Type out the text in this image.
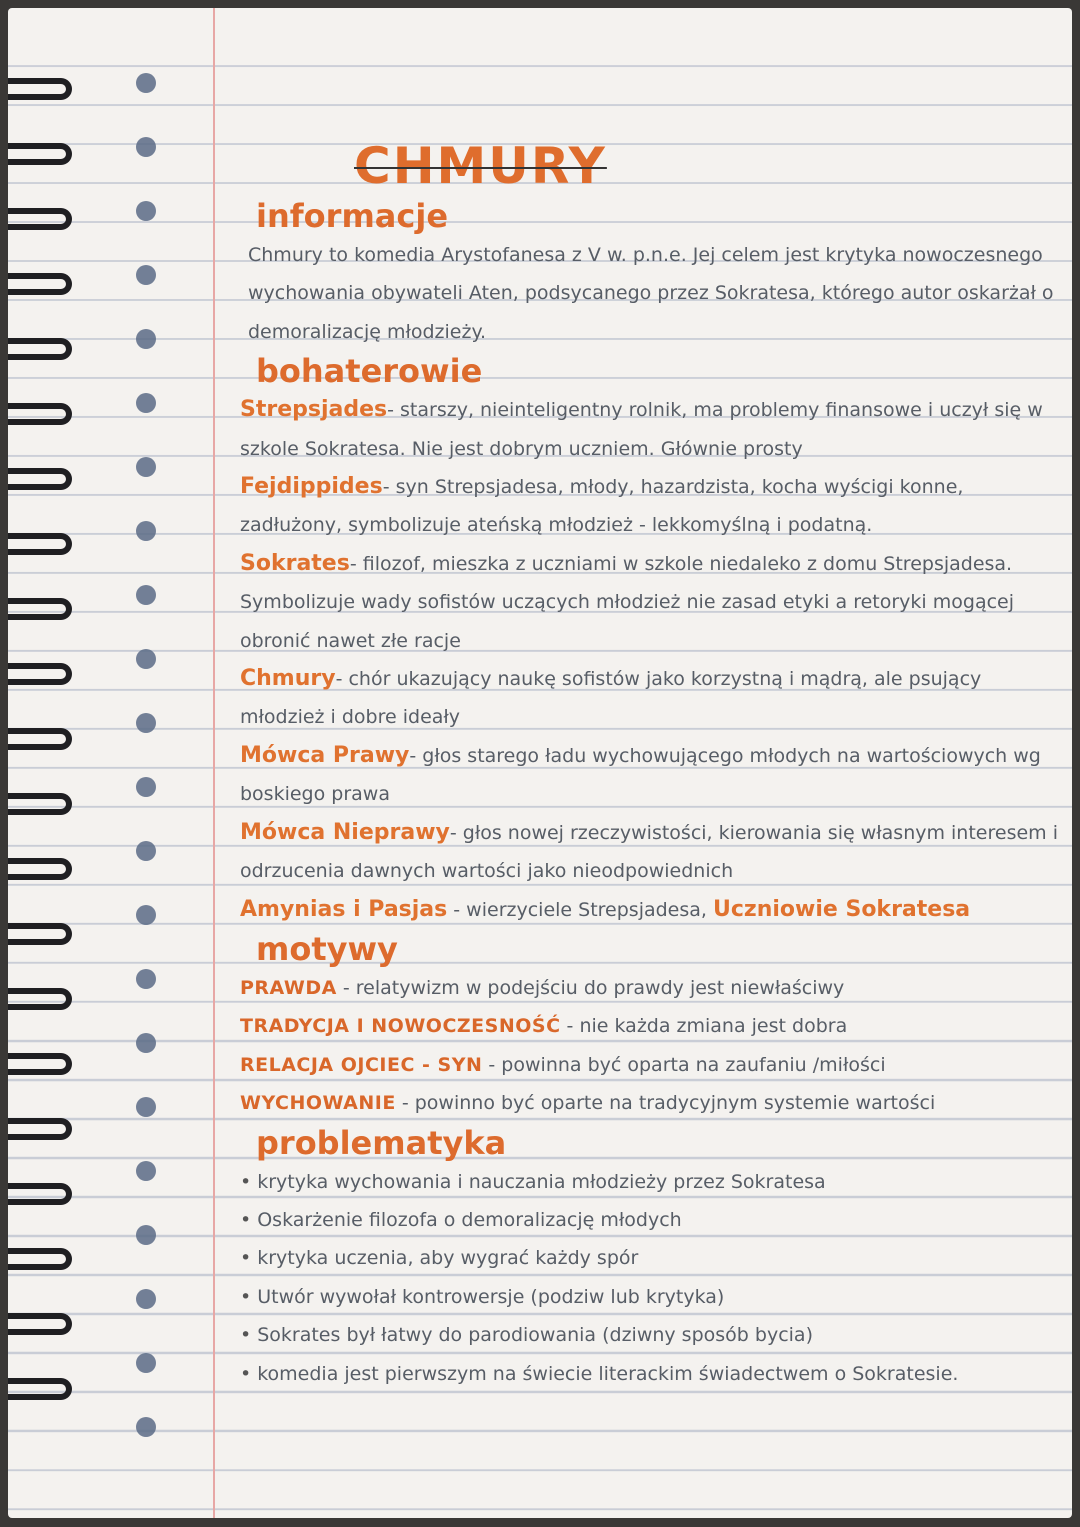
CHMURY
informacje

Chmury to komedia Arystofanesa z V w. p.n.e. Jej celem jest krytyka nowoczesnego wychowania obywateli Aten, podsycanego przez Sokratesa, którego autor oskarżał o demoralizację młodzieży.

bohaterowie
Strepsjades- starszy, nieinteligentny rolnik, ma problemy finansowe i uczył się w szkole Sokratesa. Nie jest dobrym uczniem. Głównie prosty
Fejdippides- syn Strepsjadesa, młody, hazardzista, kocha wyścigi konne, zadłużony, symbolizuje ateńską młodzież - lekkomyślną i podatną.
Sokrates- filozof, mieszka z uczniami w szkole niedaleko z domu Strepsjadesa. Symbolizuje wady sofistów uczących młodzież nie zasad etyki a retoryki mogącej obronić nawet złe racje
Chmury- chór ukazujący naukę sofistów jako korzystną i mądrą, ale psujący młodzież i dobre ideały
Mówca Prawy- głos starego ładu wychowującego młodych na wartościowych wg boskiego prawa
Mówca Nieprawy- głos nowej rzeczywistości, kierowania się własnym interesem i odrzucenia dawnych wartości jako nieodpowiednich
Amynias i Pasjas - wierzyciele Strepsjadesa, Uczniowie Sokratesa
motywy
PRAWDA - relatywizm w podejściu do prawdy jest niewłaściwy
TRADYCJA I NOWOCZESNOŚĆ - nie każda zmiana jest dobra
RELACJA OJCIEC - SYN - powinna być oparta na zaufaniu /miłości
WYCHOWANIE - powinno być oparte na tradycyjnym systemie wartości
problematyka
• krytyka wychowania i nauczania młodzieży przez Sokratesa
• Oskarżenie filozofa o demoralizację młodych
• krytyka uczenia, aby wygrać każdy spór
• Utwór wywołał kontrowersje (podziw lub krytyka)
• Sokrates był łatwy do parodiowania (dziwny sposób bycia)
• komedia jest pierwszym na świecie literackim świadectwem o Sokratesie.
